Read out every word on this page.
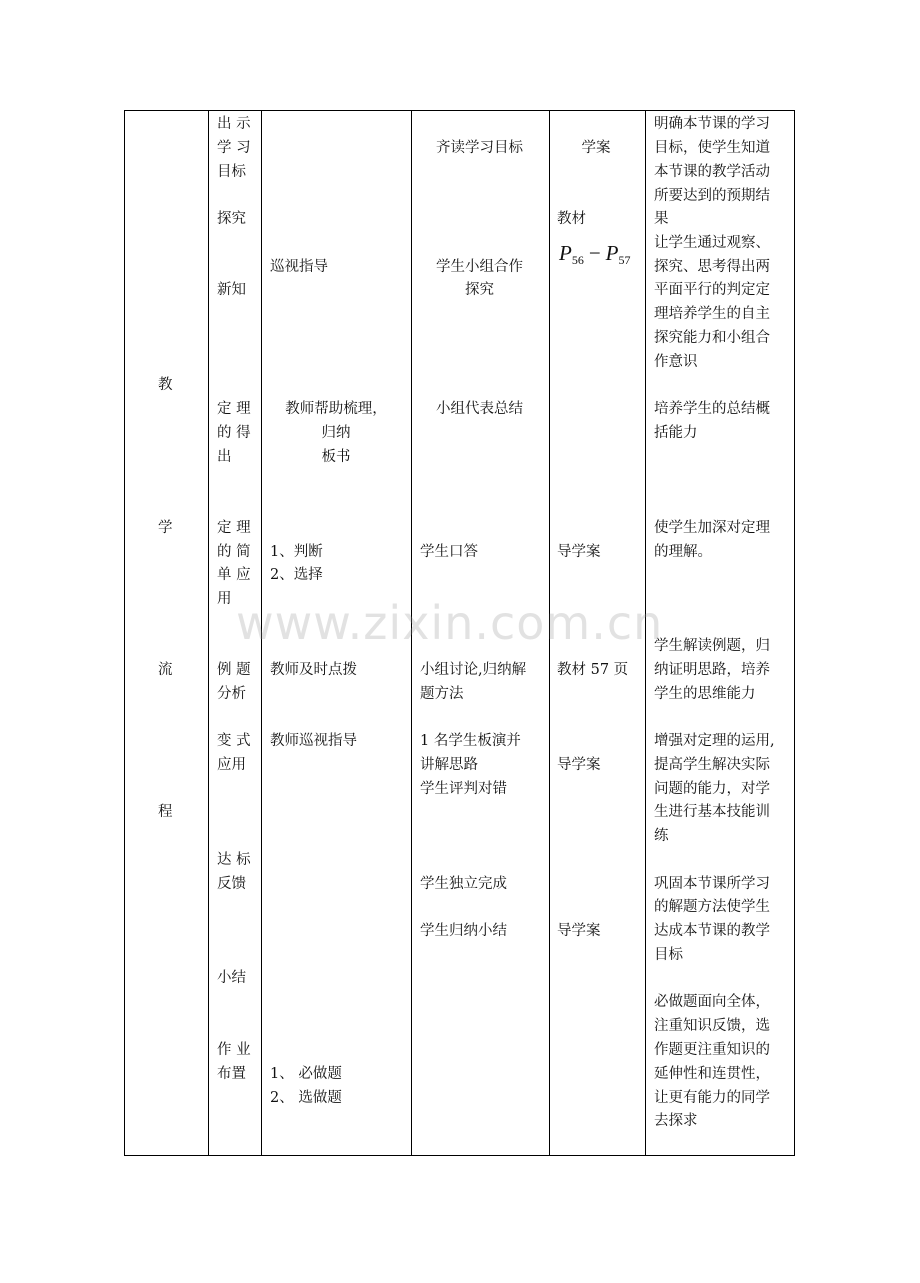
教
学
流
程
出 示
学 习
目标
探究
新知
定 理
的 得
出
定 理
的 简
单 应
用
例 题
分析
变 式
应用
达 标
反馈
小结
作 业
布置
巡视指导
教师帮助梳理，
归纳
板书
1、判断
2、选择
教师及时点拨
教师巡视指导
1、 必做题
2、 选做题
齐读学习目标
学生小组合作
探究
小组代表总结
学生口答
小组讨论,归纳解
题方法
1 名学生板演并
讲解思路
学生评判对错
学生独立完成
学生归纳小结
学案
教材
$P_{56} - P_{57}$
导学案
教材 57 页
导学案
导学案
明确本节课的学习
目标，使学生知道
本节课的教学活动
所要达到的预期结
果
让学生通过观察、
探究、思考得出两
平面平行的判定定
理培养学生的自主
探究能力和小组合
作意识
培养学生的总结概
括能力
使学生加深对定理
的理解。
学生解读例题，归
纳证明思路，培养
学生的思维能力
增强对定理的运用,
提高学生解决实际
问题的能力，对学
生进行基本技能训
练
巩固本节课所学习
的解题方法使学生
达成本节课的教学
目标
必做题面向全体，
注重知识反馈，选
作题更注重知识的
延伸性和连贯性，
让更有能力的同学
去探求
www.zixin.com.cn
